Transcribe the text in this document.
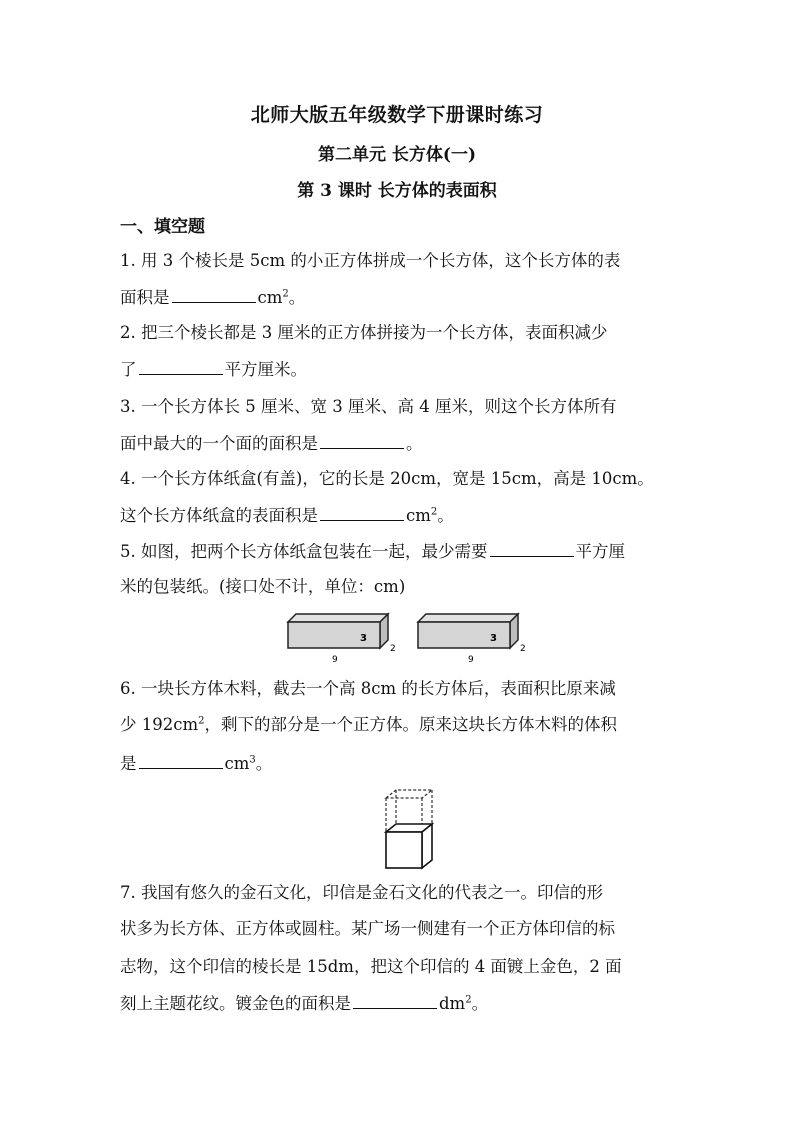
北师大版五年级数学下册课时练习
第二单元 长方体(一)
第 3 课时 长方体的表面积
一、填空题
1. 用 3 个棱长是 5cm 的小正方体拼成一个长方体，这个长方体的表
面积是	$cm^2$。
2. 把三个棱长都是 3 厘米的正方体拼接为一个长方体，表面积减少
了	平方厘米。
3. 一个长方体长 5 厘米、宽 3 厘米、高 4 厘米，则这个长方体所有
面中最大的一个面的面积是	。
4. 一个长方体纸盒(有盖)，它的长是 20cm，宽是 15cm，高是 10cm。
这个长方体纸盒的表面积是	$cm^2$。
5. 如图，把两个长方体纸盒包装在一起，最少需要	平方厘
米的包装纸。(接口处不计，单位：cm)
3
2
9
3
2
9
6. 一块长方体木料，截去一个高 8cm 的长方体后，表面积比原来减
少 $192cm^2$，剩下的部分是一个正方体。原来这块长方体木料的体积
是	$cm^3$。
7. 我国有悠久的金石文化，印信是金石文化的代表之一。印信的形
状多为长方体、正方体或圆柱。某广场一侧建有一个正方体印信的标
志物，这个印信的棱长是 15dm，把这个印信的 4 面镀上金色，2 面
刻上主题花纹。镀金色的面积是	$dm^2$。
